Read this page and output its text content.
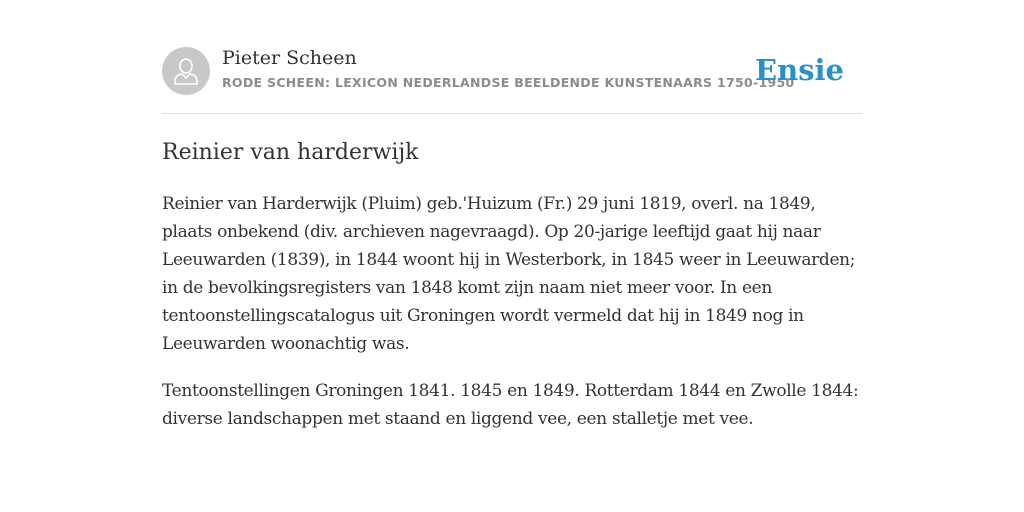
Pieter Scheen
RODE SCHEEN: LEXICON NEDERLANDSE BEELDENDE KUNSTENAARS 1750-1950
Ensie
Reinier van harderwijk

Reinier van Harderwijk (Pluim) geb.'Huizum (Fr.) 29 juni 1819, overl. na 1849, plaats onbekend (div. archieven nagevraagd). Op 20-jarige leeftijd gaat hij naar Leeuwarden (1839), in 1844 woont hij in Westerbork, in 1845 weer in Leeuwarden; in de bevolkingsregisters van 1848 komt zijn naam niet meer voor. In een tentoonstellingscatalogus uit Groningen wordt vermeld dat hij in 1849 nog in Leeuwarden woonachtig was.

Tentoonstellingen Groningen 1841. 1845 en 1849. Rotterdam 1844 en Zwolle 1844: diverse landschappen met staand en liggend vee, een stalletje met vee.
